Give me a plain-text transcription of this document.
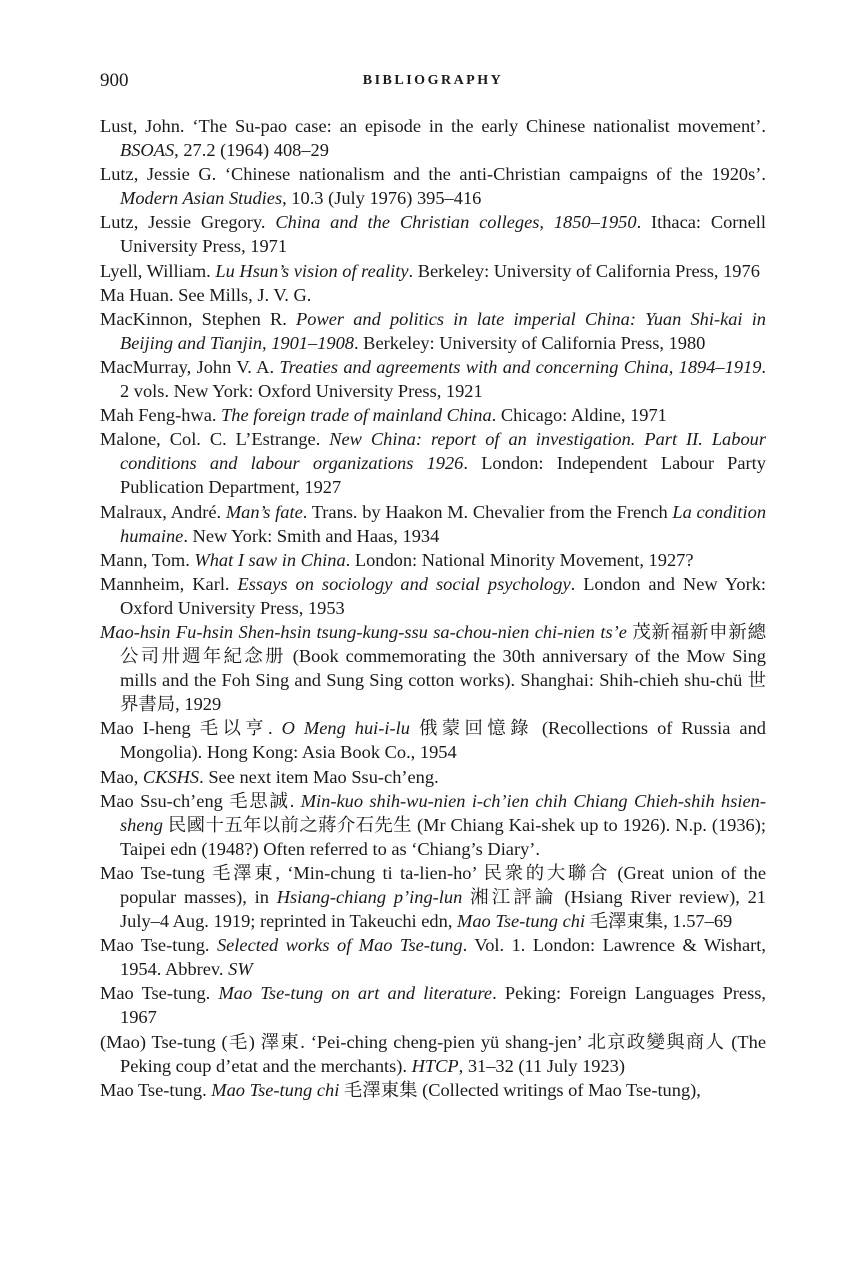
900	BIBLIOGRAPHY

Lust, John. ‘The Su-pao case: an episode in the early Chinese nationalist movement’. BSOAS, 27.2 (1964) 408–29

Lutz, Jessie G. ‘Chinese nationalism and the anti-Christian campaigns of the 1920s’. Modern Asian Studies, 10.3 (July 1976) 395–416

Lutz, Jessie Gregory. China and the Christian colleges, 1850–1950. Ithaca: Cornell University Press, 1971

Lyell, William. Lu Hsun’s vision of reality. Berkeley: University of California Press, 1976

Ma Huan. See Mills, J. V. G.

MacKinnon, Stephen R. Power and politics in late imperial China: Yuan Shi-kai in Beijing and Tianjin, 1901–1908. Berkeley: University of California Press, 1980

MacMurray, John V. A. Treaties and agreements with and concerning China, 1894–1919. 2 vols. New York: Oxford University Press, 1921

Mah Feng-hwa. The foreign trade of mainland China. Chicago: Aldine, 1971

Malone, Col. C. L’Estrange. New China: report of an investigation. Part II. Labour conditions and labour organizations 1926. London: Independent Labour Party Publication Department, 1927

Malraux, André. Man’s fate. Trans. by Haakon M. Chevalier from the French La condition humaine. New York: Smith and Haas, 1934

Mann, Tom. What I saw in China. London: National Minority Movement, 1927?

Mannheim, Karl. Essays on sociology and social psychology. London and New York: Oxford University Press, 1953

Mao-hsin Fu-hsin Shen-hsin tsung-kung-ssu sa-chou-nien chi-nien ts’e 茂新福新申新總公司卅週年紀念册 (Book commemorating the 30th anniversary of the Mow Sing mills and the Foh Sing and Sung Sing cotton works). Shanghai: Shih-chieh shu-chü 世界書局, 1929

Mao I-heng 毛以亨. O Meng hui-i-lu 俄蒙回憶錄 (Recollections of Russia and Mongolia). Hong Kong: Asia Book Co., 1954

Mao, CKSHS. See next item Mao Ssu-ch’eng.

Mao Ssu-ch’eng 毛思誠. Min-kuo shih-wu-nien i-ch’ien chih Chiang Chieh-shih hsien-sheng 民國十五年以前之蔣介石先生 (Mr Chiang Kai-shek up to 1926). N.p. (1936); Taipei edn (1948?) Often referred to as ‘Chiang’s Diary’.

Mao Tse-tung 毛澤東, ‘Min-chung ti ta-lien-ho’ 民衆的大聯合 (Great union of the popular masses), in Hsiang-chiang p’ing-lun 湘江評論 (Hsiang River review), 21 July–4 Aug. 1919; reprinted in Takeuchi edn, Mao Tse-tung chi 毛澤東集, 1.57–69

Mao Tse-tung. Selected works of Mao Tse-tung. Vol. 1. London: Lawrence & Wishart, 1954. Abbrev. SW

Mao Tse-tung. Mao Tse-tung on art and literature. Peking: Foreign Languages Press, 1967

(Mao) Tse-tung (毛) 澤東. ‘Pei-ching cheng-pien yü shang-jen’ 北京政變與商人 (The Peking coup d’etat and the merchants). HTCP, 31–32 (11 July 1923)

Mao Tse-tung. Mao Tse-tung chi 毛澤東集 (Collected writings of Mao Tse-tung),
